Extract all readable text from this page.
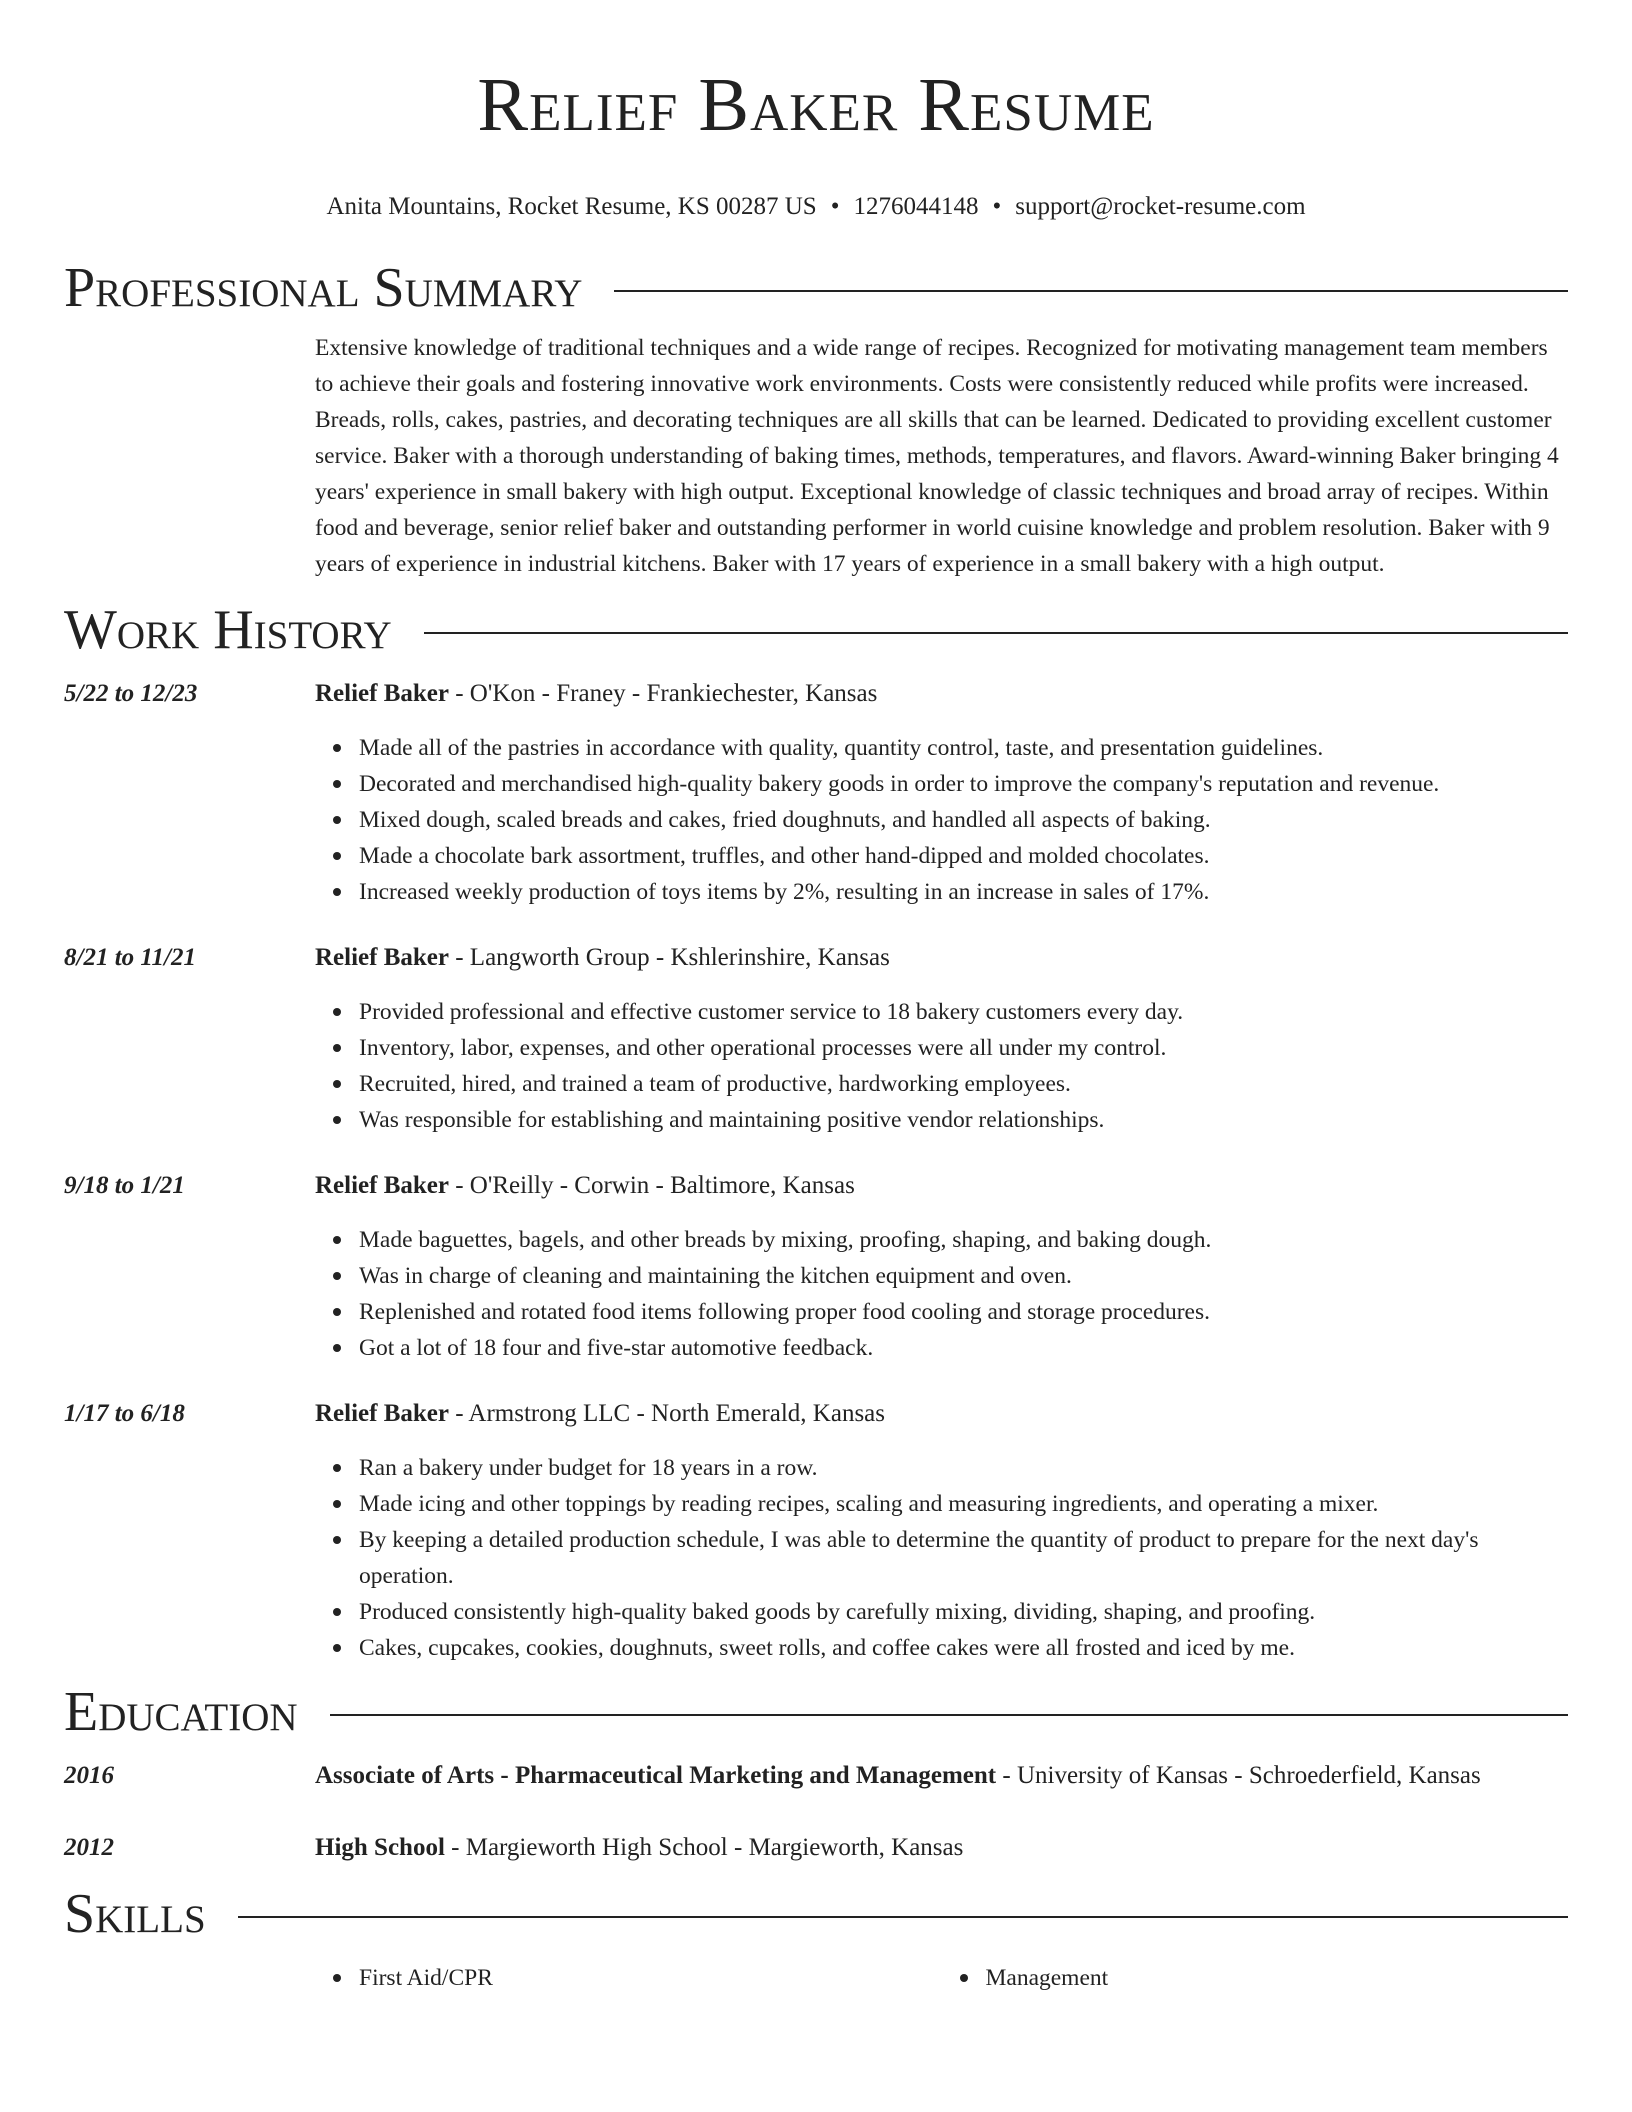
Relief Baker Resume
Anita Mountains, Rocket Resume, KS 00287 US • 1276044148 • support@rocket-resume.com
Professional Summary

Extensive knowledge of traditional techniques and a wide range of recipes. Recognized for motivating management team members to achieve their goals and fostering innovative work environments. Costs were consistently reduced while profits were increased. Breads, rolls, cakes, pastries, and decorating techniques are all skills that can be learned. Dedicated to providing excellent customer service. Baker with a thorough understanding of baking times, methods, temperatures, and flavors. Award-winning Baker bringing 4 years' experience in small bakery with high output. Exceptional knowledge of classic techniques and broad array of recipes. Within food and beverage, senior relief baker and outstanding performer in world cuisine knowledge and problem resolution. Baker with 9 years of experience in industrial kitchens. Baker with 17 years of experience in a small bakery with a high output.

Work History
5/22 to 12/23	Relief Baker - O'Kon - Franey - Frankiechester, Kansas
Made all of the pastries in accordance with quality, quantity control, taste, and presentation guidelines.
Decorated and merchandised high-quality bakery goods in order to improve the company's reputation and revenue.
Mixed dough, scaled breads and cakes, fried doughnuts, and handled all aspects of baking.
Made a chocolate bark assortment, truffles, and other hand-dipped and molded chocolates.
Increased weekly production of toys items by 2%, resulting in an increase in sales of 17%.
8/21 to 11/21	Relief Baker - Langworth Group - Kshlerinshire, Kansas
Provided professional and effective customer service to 18 bakery customers every day.
Inventory, labor, expenses, and other operational processes were all under my control.
Recruited, hired, and trained a team of productive, hardworking employees.
Was responsible for establishing and maintaining positive vendor relationships.
9/18 to 1/21	Relief Baker - O'Reilly - Corwin - Baltimore, Kansas
Made baguettes, bagels, and other breads by mixing, proofing, shaping, and baking dough.
Was in charge of cleaning and maintaining the kitchen equipment and oven.
Replenished and rotated food items following proper food cooling and storage procedures.
Got a lot of 18 four and five-star automotive feedback.
1/17 to 6/18	Relief Baker - Armstrong LLC - North Emerald, Kansas
Ran a bakery under budget for 18 years in a row.
Made icing and other toppings by reading recipes, scaling and measuring ingredients, and operating a mixer.
By keeping a detailed production schedule, I was able to determine the quantity of product to prepare for the next day's operation.
Produced consistently high-quality baked goods by carefully mixing, dividing, shaping, and proofing.
Cakes, cupcakes, cookies, doughnuts, sweet rolls, and coffee cakes were all frosted and iced by me.
Education
2016	Associate of Arts - Pharmaceutical Marketing and Management - University of Kansas - Schroederfield, Kansas
2012	High School - Margieworth High School - Margieworth, Kansas
Skills
First Aid/CPR	Management
